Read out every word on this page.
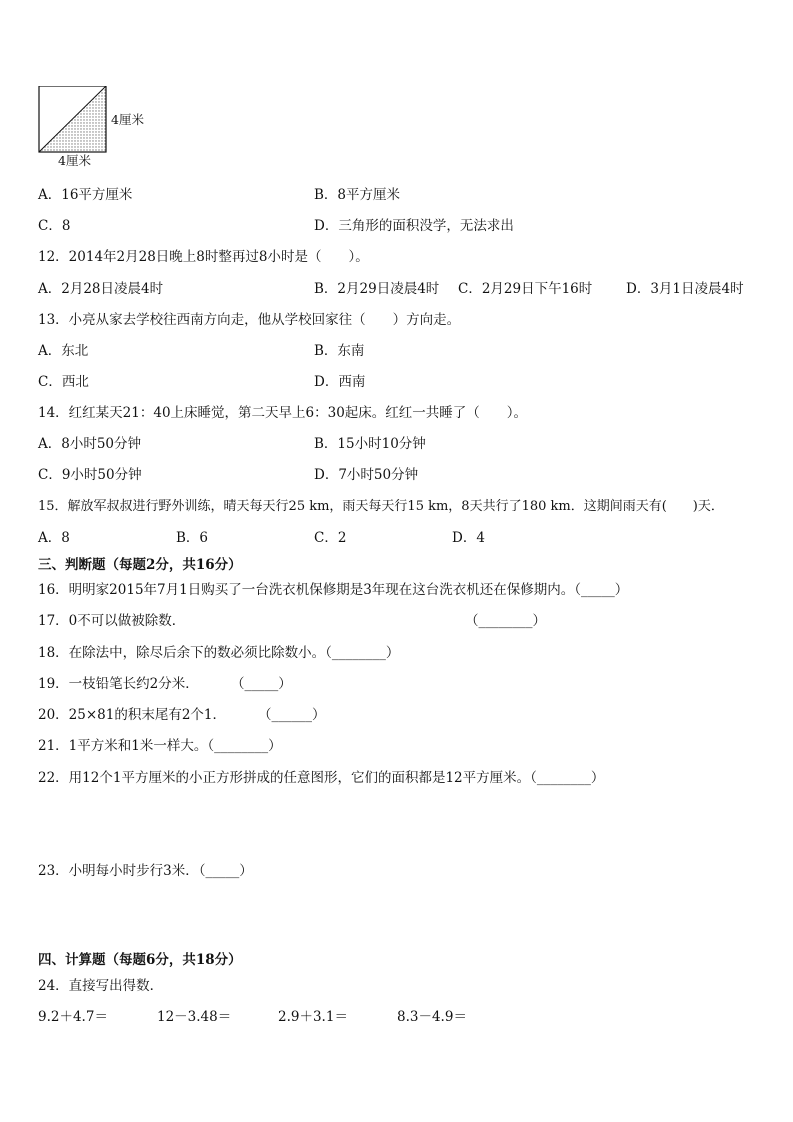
4厘米
4厘米
A．16平方厘米	B．8平方厘米
C．8	D．三角形的面积没学，无法求出
12．2014年2月28日晚上8时整再过8小时是（　　）。
A．2月28日凌晨4时	B．2月29日凌晨4时 C．2月29日下午16时 D．3月1日凌晨4时
13．小亮从家去学校往西南方向走，他从学校回家往（　　）方向走。
A．东北	B．东南
C．西北	D．西南
14．红红某天21：40上床睡觉，第二天早上6：30起床。红红一共睡了（　　）。
A．8小时50分钟	B．15小时10分钟
C．9小时50分钟	D．7小时50分钟
15．解放军叔叔进行野外训练，晴天每天行25 km，雨天每天行15 km，8天共行了180 km．这期间雨天有(　　)天．
A．8	B．6	C．2	D．4
三、判断题（每题2分，共16分）
16．明明家2015年7月1日购买了一台洗衣机保修期是3年现在这台洗衣机还在保修期内。（_____）
17．0不可以做被除数．	（________）
18．在除法中，除尽后余下的数必须比除数小。（________）
19．一枝铅笔长约2分米． （_____）
20．25×81的积末尾有2个1． （______）
21．1平方米和1米一样大。（________）
22．用12个1平方厘米的小正方形拼成的任意图形，它们的面积都是12平方厘米。（________）
23．小明每小时步行3米．（_____）
四、计算题（每题6分，共18分）
24．直接写出得数．
9.2＋4.7＝	12－3.48＝	2.9＋3.1＝	8.3－4.9＝
